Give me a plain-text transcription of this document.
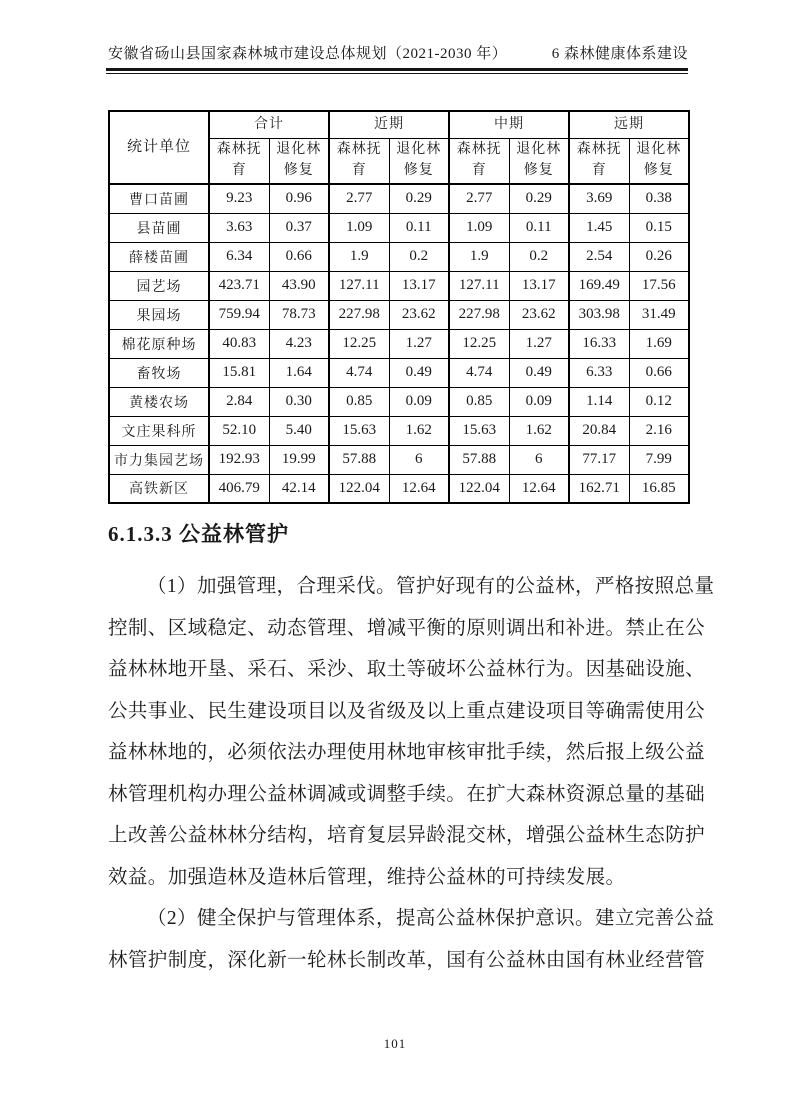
安徽省砀山县国家森林城市建设总体规划（2021-2030 年）	6 森林健康体系建设
统计单位	合计		近期		中期		远期	
	森林抚育	退化林修复	森林抚育	退化林修复	森林抚育	退化林修复	森林抚育	退化林修复
曹口苗圃	9.23	0.96	2.77	0.29	2.77	0.29	3.69	0.38
县苗圃	3.63	0.37	1.09	0.11	1.09	0.11	1.45	0.15
薛楼苗圃	6.34	0.66	1.9	0.2	1.9	0.2	2.54	0.26
园艺场	423.71	43.90	127.11	13.17	127.11	13.17	169.49	17.56
果园场	759.94	78.73	227.98	23.62	227.98	23.62	303.98	31.49
棉花原种场	40.83	4.23	12.25	1.27	12.25	1.27	16.33	1.69
畜牧场	15.81	1.64	4.74	0.49	4.74	0.49	6.33	0.66
黄楼农场	2.84	0.30	0.85	0.09	0.85	0.09	1.14	0.12
文庄果科所	52.10	5.40	15.63	1.62	15.63	1.62	20.84	2.16
市力集园艺场	192.93	19.99	57.88	6	57.88	6	77.17	7.99
高铁新区	406.79	42.14	122.04	12.64	122.04	12.64	162.71	16.85
6.1.3.3 公益林管护
（1）加强管理，合理采伐。管护好现有的公益林，严格按照总量
控制、区域稳定、动态管理、增减平衡的原则调出和补进。禁止在公
益林林地开垦、采石、采沙、取土等破坏公益林行为。因基础设施、
公共事业、民生建设项目以及省级及以上重点建设项目等确需使用公
益林林地的，必须依法办理使用林地审核审批手续，然后报上级公益
林管理机构办理公益林调减或调整手续。在扩大森林资源总量的基础
上改善公益林林分结构，培育复层异龄混交林，增强公益林生态防护
效益。加强造林及造林后管理，维持公益林的可持续发展。
（2）健全保护与管理体系，提高公益林保护意识。建立完善公益
林管护制度，深化新一轮林长制改革，国有公益林由国有林业经营管
101
